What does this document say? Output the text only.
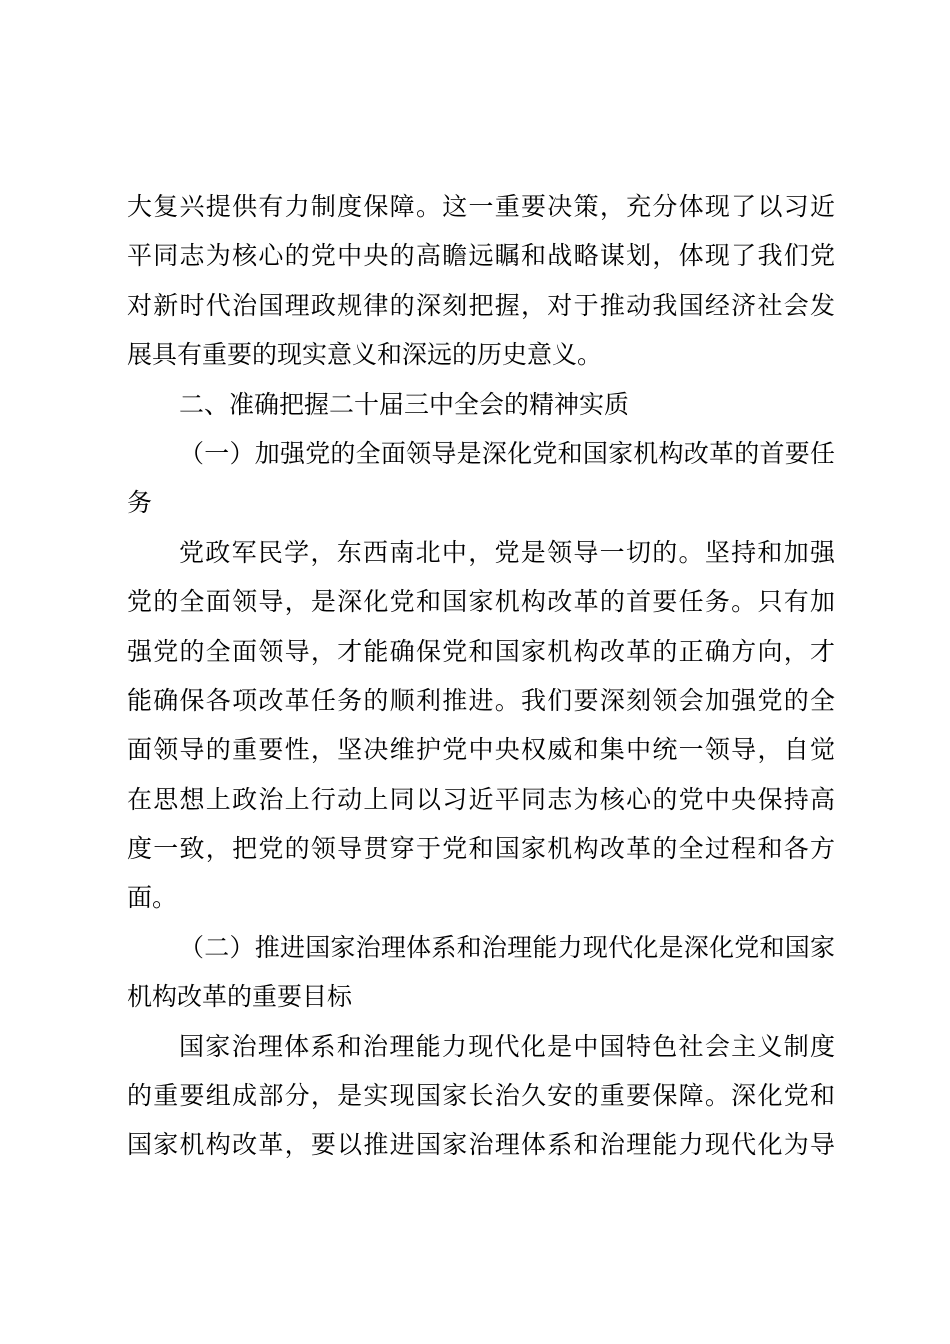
大复兴提供有力制度保障。这一重要决策，充分体现了以习近
平同志为核心的党中央的高瞻远瞩和战略谋划，体现了我们党
对新时代治国理政规律的深刻把握，对于推动我国经济社会发
展具有重要的现实意义和深远的历史意义。
二、准确把握二十届三中全会的精神实质
（一）加强党的全面领导是深化党和国家机构改革的首要任
务
党政军民学，东西南北中，党是领导一切的。坚持和加强
党的全面领导，是深化党和国家机构改革的首要任务。只有加
强党的全面领导，才能确保党和国家机构改革的正确方向，才
能确保各项改革任务的顺利推进。我们要深刻领会加强党的全
面领导的重要性，坚决维护党中央权威和集中统一领导，自觉
在思想上政治上行动上同以习近平同志为核心的党中央保持高
度一致，把党的领导贯穿于党和国家机构改革的全过程和各方
面。
（二）推进国家治理体系和治理能力现代化是深化党和国家
机构改革的重要目标
国家治理体系和治理能力现代化是中国特色社会主义制度
的重要组成部分，是实现国家长治久安的重要保障。深化党和
国家机构改革，要以推进国家治理体系和治理能力现代化为导
